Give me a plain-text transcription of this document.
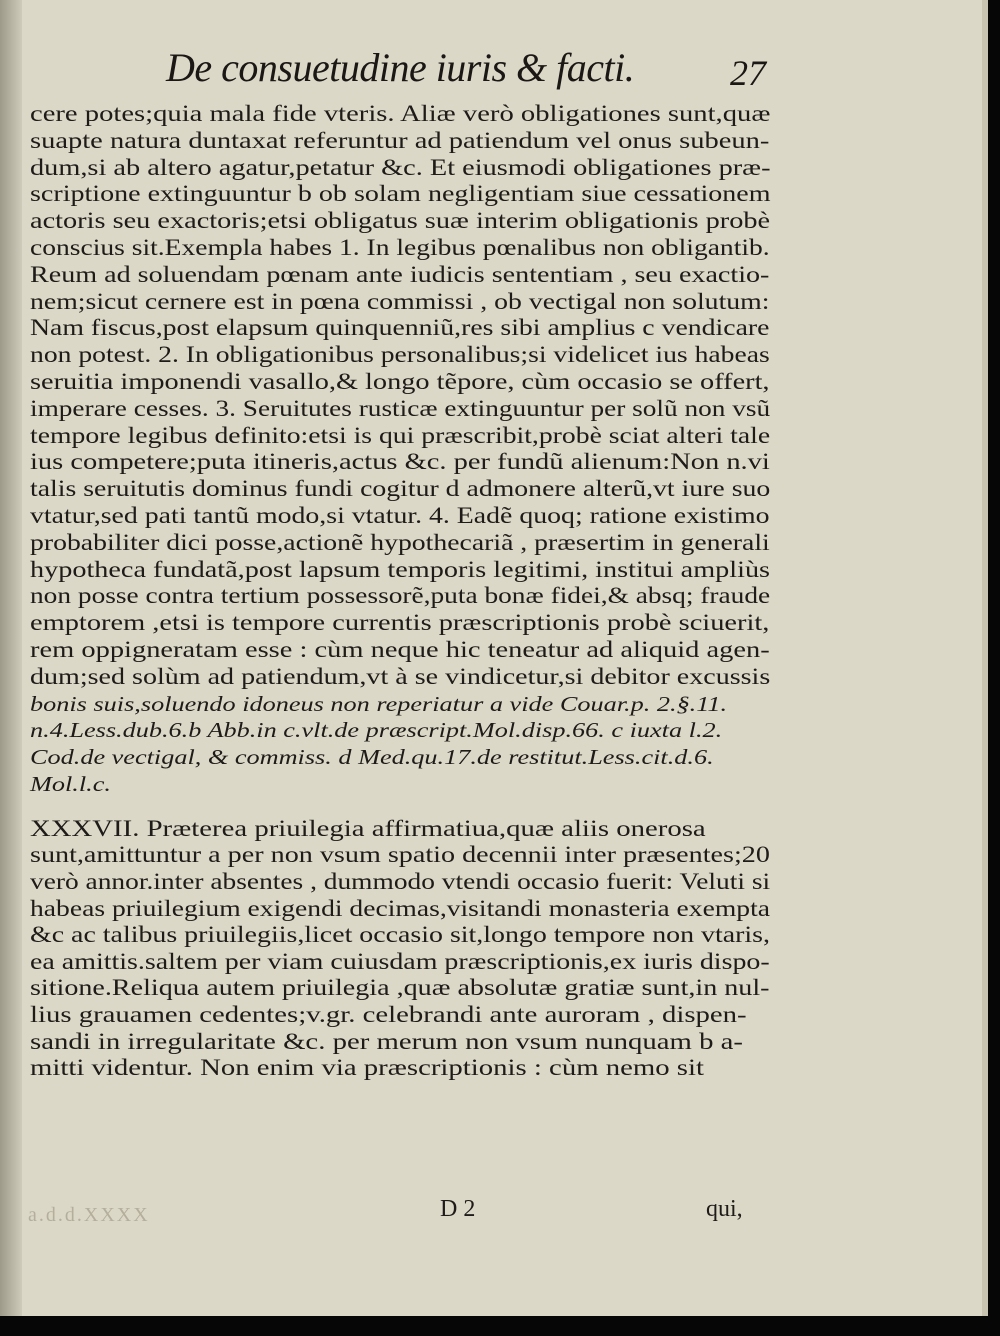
De consuetudine iuris & facti.	27
cere potes;quia mala fide vteris. Aliæ verò obligationes sunt,quæ
suapte natura duntaxat referuntur ad patiendum vel onus subeun-
dum,si ab altero agatur,petatur &c. Et eiusmodi obligationes præ-
scriptione extinguuntur b ob solam negligentiam siue cessationem
actoris seu exactoris;etsi obligatus suæ interim obligationis probè
conscius sit.Exempla habes 1. In legibus pœnalibus non obligantib.
Reum ad soluendam pœnam ante iudicis sententiam , seu exactio-
nem;sicut cernere est in pœna commissi , ob vectigal non solutum:
Nam fiscus,post elapsum quinquenniũ,res sibi amplius c vendicare
non potest. 2. In obligationibus personalibus;si videlicet ius habeas
seruitia imponendi vasallo,& longo tẽpore, cùm occasio se offert,
imperare cesses. 3. Seruitutes rusticæ extinguuntur per solũ non vsũ
tempore legibus definito:etsi is qui præscribit,probè sciat alteri tale
ius competere;puta itineris,actus &c. per fundũ alienum:Non n.vi
talis seruitutis dominus fundi cogitur d admonere alterũ,vt iure suo
vtatur,sed pati tantũ modo,si vtatur. 4. Eadẽ quoq; ratione existimo
probabiliter dici posse,actionẽ hypothecariã , præsertim in generali
hypotheca fundatã,post lapsum temporis legitimi, institui ampliùs
non posse contra tertium possessorẽ,puta bonæ fidei,& absq; fraude
emptorem ,etsi is tempore currentis præscriptionis probè sciuerit,
rem oppigneratam esse : cùm neque hic teneatur ad aliquid agen-
dum;sed solùm ad patiendum,vt à se vindicetur,si debitor excussis
bonis suis,soluendo idoneus non reperiatur a vide Couar.p. 2.§.11.
n.4.Less.dub.6.b Abb.in c.vlt.de præscript.Mol.disp.66. c iuxta l.2.
Cod.de vectigal, & commiss. d Med.qu.17.de restitut.Less.cit.d.6.
Mol.l.c.
XXXVII. Præterea priuilegia affirmatiua,quæ aliis onerosa
sunt,amittuntur a per non vsum spatio decennii inter præsentes;20
verò annor.inter absentes , dummodo vtendi occasio fuerit: Veluti si
habeas priuilegium exigendi decimas,visitandi monasteria exempta
&c ac talibus priuilegiis,licet occasio sit,longo tempore non vtaris,
ea amittis.saltem per viam cuiusdam præscriptionis,ex iuris dispo-
sitione.Reliqua autem priuilegia ,quæ absolutæ gratiæ sunt,in nul-
lius grauamen cedentes;v.gr. celebrandi ante auroram , dispen-
sandi in irregularitate &c. per merum non vsum nunquam b a-
mitti videntur. Non enim via præscriptionis : cùm nemo sit
a.d.d.XXXX	D 2	qui,
